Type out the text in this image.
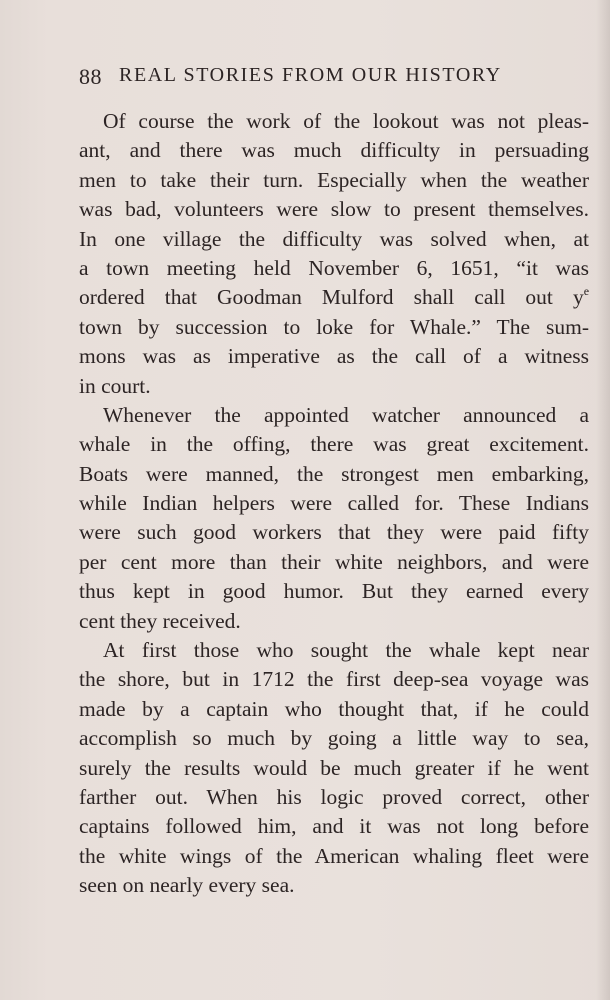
88 REAL STORIES FROM OUR HISTORY
Of course the work of the lookout was not pleas-
ant, and there was much difficulty in persuading
men to take their turn. Especially when the weather
was bad, volunteers were slow to present themselves.
In one village the difficulty was solved when, at
a town meeting held November 6, 1651, “it was
ordered that Goodman Mulford shall call out $y^e$
town by succession to loke for Whale.” The sum-
mons was as imperative as the call of a witness
in court.
Whenever the appointed watcher announced a
whale in the offing, there was great excitement.
Boats were manned, the strongest men embarking,
while Indian helpers were called for. These Indians
were such good workers that they were paid fifty
per cent more than their white neighbors, and were
thus kept in good humor. But they earned every
cent they received.
At first those who sought the whale kept near
the shore, but in 1712 the first deep-sea voyage was
made by a captain who thought that, if he could
accomplish so much by going a little way to sea,
surely the results would be much greater if he went
farther out. When his logic proved correct, other
captains followed him, and it was not long before
the white wings of the American whaling fleet were
seen on nearly every sea.
